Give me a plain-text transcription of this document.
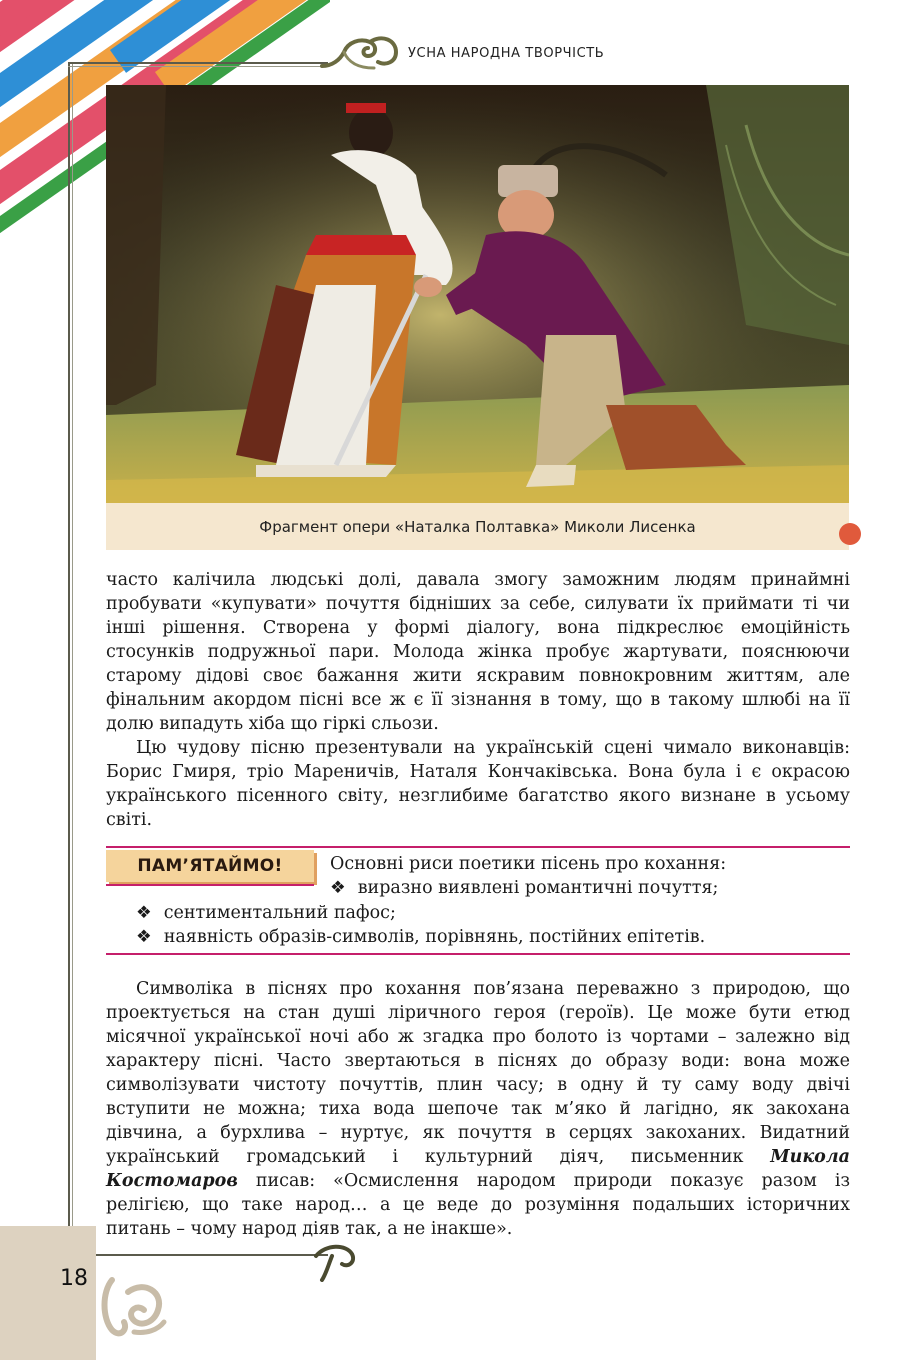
УСНА НАРОДНА ТВОРЧІСТЬ
Фрагмент опери «Наталка Полтавка» Миколи Лисенка

часто калічила людські долі, давала змогу заможним людям принаймні пробувати «купувати» почуття бідніших за себе, силувати їх приймати ті чи інші рішення. Створена у формі діалогу, вона підкреслює емоційність стосунків подружньої пари. Молода жінка пробує жартувати, пояснюючи старому дідові своє бажання жити яскравим повнокровним життям, але фінальним акордом пісні все ж є її зізнання в тому, що в такому шлюбі на її долю випадуть хіба що гіркі сльози.

Цю чудову пісню презентували на українській сцені чимало виконавців: Борис Гмиря, тріо Мареничів, Наталя Кончаківська. Вона була і є окрасою українського пісенного світу, незглибиме багатство якого визнане в усьому світі.

ПАМ’ЯТАЙМО!	Основні риси поетики пісень про кохання:
❖ виразно виявлені романтичні почуття;
❖ сентиментальний пафос;
❖ наявність образів-символів, порівнянь, постійних епітетів.

Символіка в піснях про кохання пов’язана переважно з природою, що проектується на стан душі ліричного героя (героїв). Це може бути етюд місячної української ночі або ж згадка про болото із чортами – залежно від характеру пісні. Часто звертаються в піснях до образу води: вона може символізувати чистоту почуттів, плин часу; в одну й ту саму воду двічі вступити не можна; тиха вода шепоче так м’яко й лагідно, як закохана дівчина, а бурхлива – нуртує, як почуття в серцях закоханих. Видатний український громадський і культурний діяч, письменник Микола Костомаров писав: «Осмислення народом природи показує разом із релігією, що таке народ… а це веде до розуміння подальших історичних питань – чому народ діяв так, а не інакше».

18
